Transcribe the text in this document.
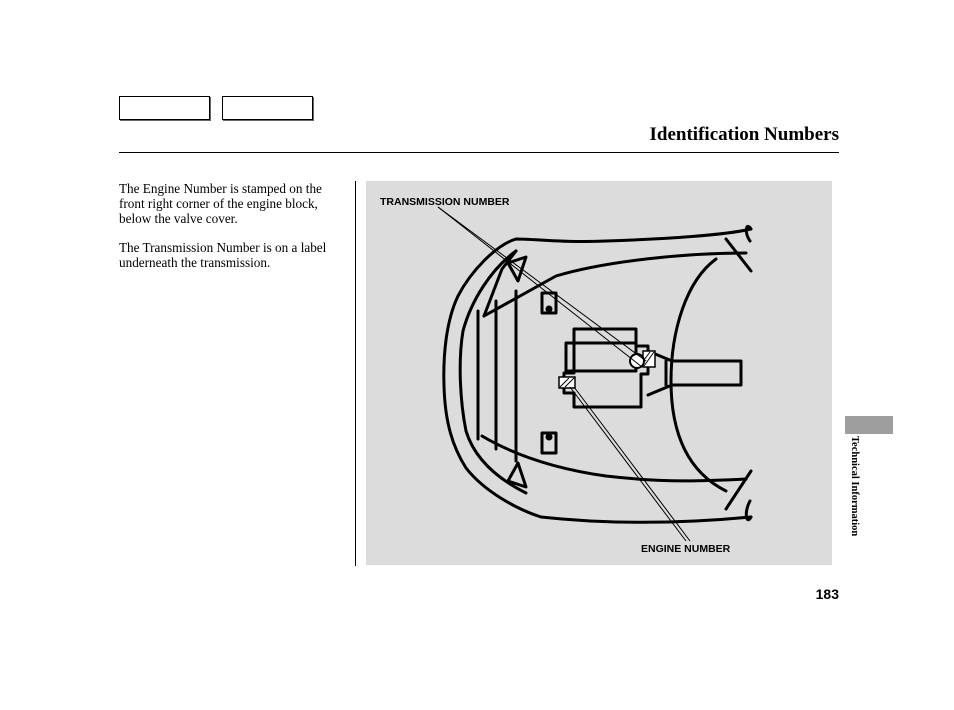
Identification Numbers

The Engine Number is stamped on the front right corner of the engine block, below the valve cover.

The Transmission Number is on a label underneath the transmission.

TRANSMISSION NUMBER
ENGINE NUMBER
Technical Information
183
